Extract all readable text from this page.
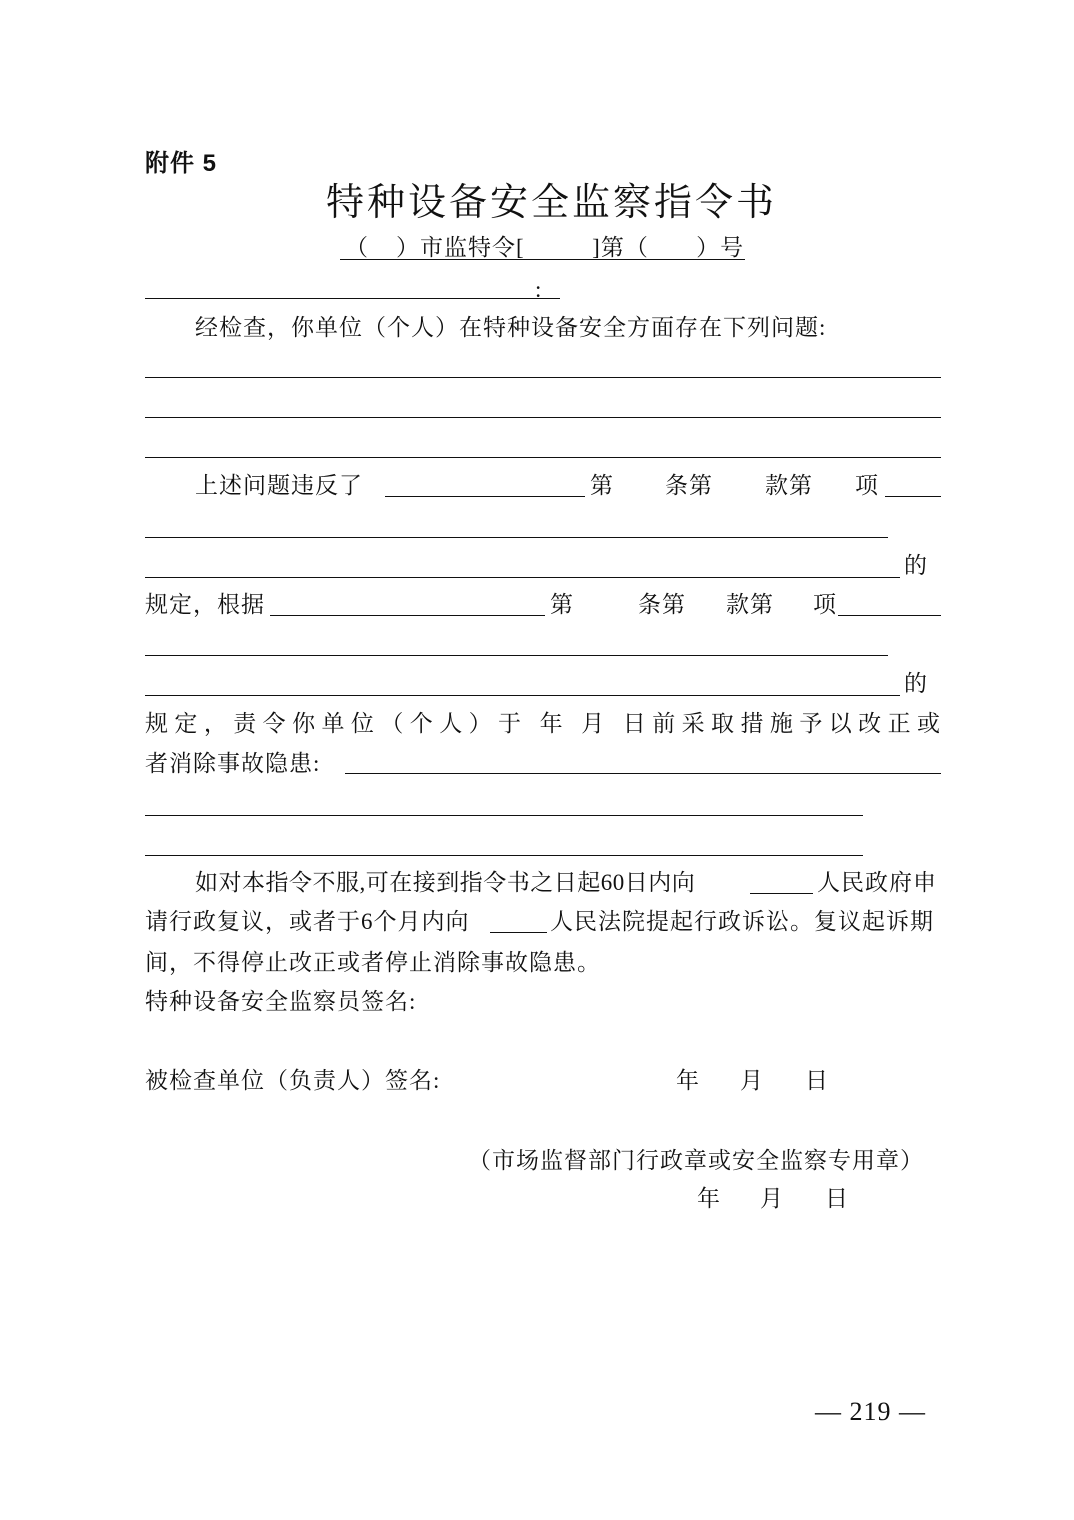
附件 5
特种设备安全监察指令书
（    ）市监特令[          ]第（       ）号
:
经检查，你单位（个人）在特种设备安全方面存在下列问题:
上述问题违反了	第 条第 款第 项
的
规定，根据	第	条第 款第 项
的
规定，责令你单位（个人）于 年 月 日前采取措施予以改正或
者消除事故隐患:
如对本指令不服,可在接到指令书之日起60日内向	人民政府申
请行政复议，或者于6个月内向	人民法院提起行政诉讼。复议起诉期
间，不得停止改正或者停止消除事故隐患。
特种设备安全监察员签名:
被检查单位（负责人）签名:	年 月 日
（市场监督部门行政章或安全监察专用章）
年 月 日
— 219 —
